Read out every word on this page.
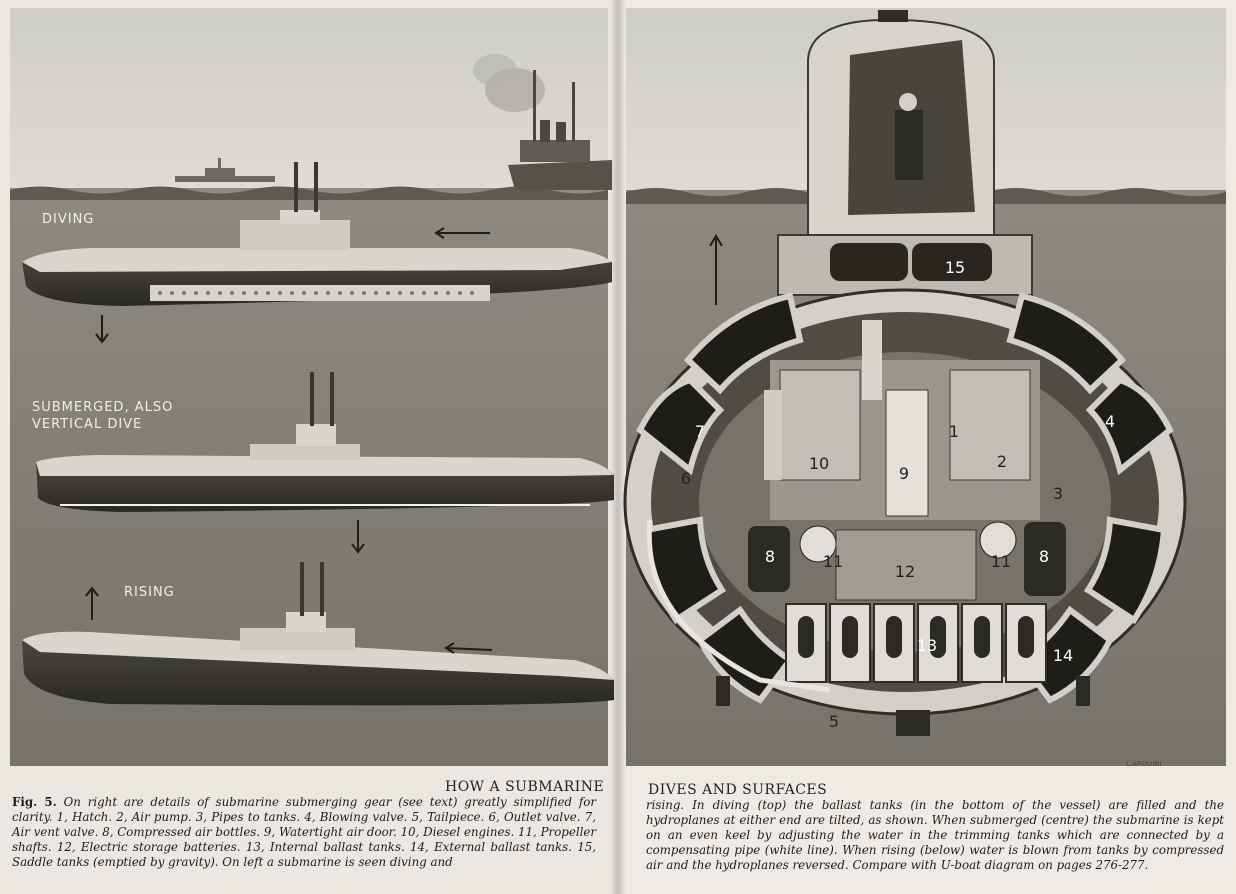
DIVING
SUBMERGED, ALSO
VERTICAL DIVE
RISING
15
7
4
6
10
9
1
2
3
8	11
12
11	8
13
14
5
L.ARDUINI
HOW A SUBMARINE	DIVES AND SURFACES
Fig. 5. On right are details of submarine submerging gear (see text) greatly simplified for clarity. 1, Hatch. 2, Air pump. 3, Pipes to tanks. 4, Blowing valve. 5, Tailpiece. 6, Outlet valve. 7, Air vent valve. 8, Compressed air bottles. 9, Watertight air door. 10, Diesel engines. 11, Propeller shafts. 12, Electric storage batteries. 13, Internal ballast tanks. 14, External ballast tanks. 15, Saddle tanks (emptied by gravity). On left a submarine is seen diving and
rising. In diving (top) the ballast tanks (in the bottom of the vessel) are filled and the hydroplanes at either end are tilted, as shown. When submerged (centre) the submarine is kept on an even keel by adjusting the water in the trimming tanks which are connected by a compensating pipe (white line). When rising (below) water is blown from tanks by compressed air and the hydroplanes reversed. Compare with U-boat diagram on pages 276-277.
